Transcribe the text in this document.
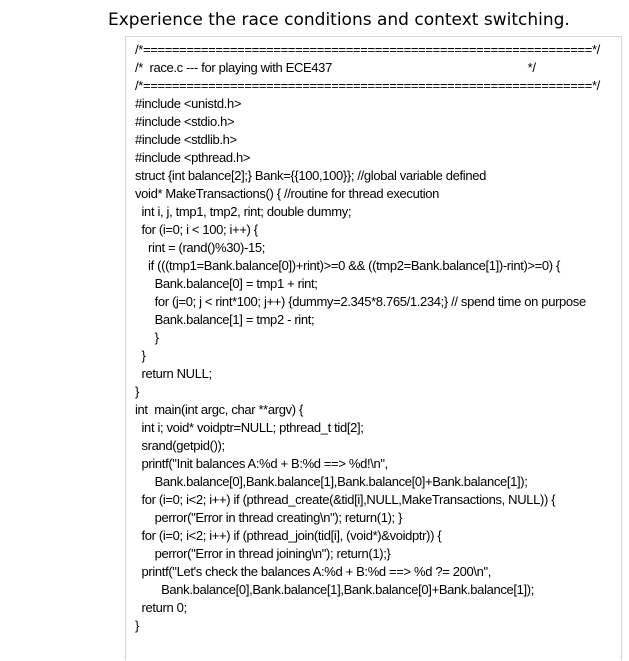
Experience the race conditions and context switching.
/*==============================================================*/
/*  race.c --- for playing with ECE437                                                            */
/*==============================================================*/
#include <unistd.h>
#include <stdio.h>
#include <stdlib.h>
#include <pthread.h>
struct {int balance[2];} Bank={{100,100}}; //global variable defined
void* MakeTransactions() { //routine for thread execution
int i, j, tmp1, tmp2, rint; double dummy;
for (i=0; i < 100; i++) {
rint = (rand()%30)-15;
if (((tmp1=Bank.balance[0])+rint)>=0 && ((tmp2=Bank.balance[1])-rint)>=0) {
Bank.balance[0] = tmp1 + rint;
for (j=0; j < rint*100; j++) {dummy=2.345*8.765/1.234;} // spend time on purpose
Bank.balance[1] = tmp2 - rint;
}
}
return NULL;
}
int  main(int argc, char **argv) {
int i; void* voidptr=NULL; pthread_t tid[2];
srand(getpid());
printf("Init balances A:%d + B:%d ==> %d!\n",
Bank.balance[0],Bank.balance[1],Bank.balance[0]+Bank.balance[1]);
for (i=0; i<2; i++) if (pthread_create(&tid[i],NULL,MakeTransactions, NULL)) {
perror("Error in thread creating\n"); return(1); }
for (i=0; i<2; i++) if (pthread_join(tid[i], (void*)&voidptr)) {
perror("Error in thread joining\n"); return(1);}
printf("Let's check the balances A:%d + B:%d ==> %d ?= 200\n",
Bank.balance[0],Bank.balance[1],Bank.balance[0]+Bank.balance[1]);
return 0;
}
